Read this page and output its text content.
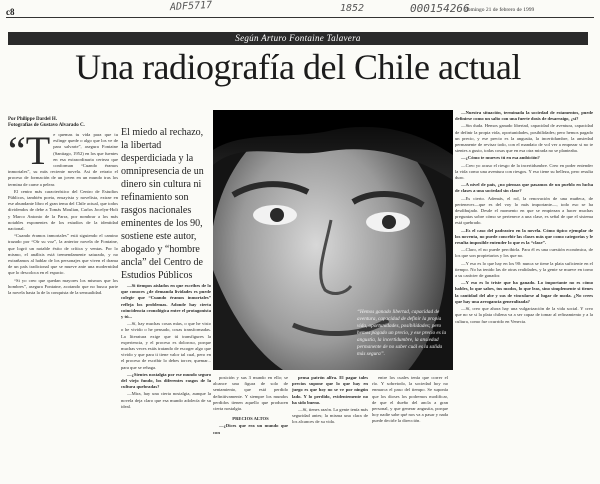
c8	ADF5717	1852	000154266
domingo 21 de febrero de 1999
Según Arturo Fontaine Talavera
Una radiografía del Chile actual
Por Philippe Dardel H.
Fotografías de Gustavo Alvarado C.

“Te quemas tu vida para que tu esfinge quede o algo que los ve de para salvarte”, asegura Fontaine (Santiago, 1952) en los que fuentes en esa extraordinaria certeza que conforman “Cuando éramos inmortales”, su más reciente novela. Asi de retrato el proceso de formación de un joven en un mundo tras los termina de carne a pelear.

El centro más característico del Centro de Estudios Públicos, también poeta, ensayista y novelista, extrae en ese abundante libro el gran tema del Chile actual, que todos dividendos de debe a Tomás Moulian, Carlos Jocelyn-Holt y Marco Antonio de la Parra, por nombrar a los más notables exponentes de los estudios de la identidad nacional.

“Cuando éramos inmortales” está siguiendo el camino trazado por “Oír su voz”, la anterior novela de Fontaine, que logró un notable éxito de crítica y ventas. Por lo mismo, el análisis está tremendamente saturado, y no extrañamos al hablar de los personajes que viven el drama de un país tradicional que se mueve ante una modernidad que lo descoloca en el espacio.

“Si yo creo que quedan mayores los mismos que los hombres”, asegura Fontaine, acotando que no busca parte la novela hasta la de la conquista de la sensualidad.

El miedo al rechazo, la libertad desperdiciada y la omnipresencia de un dinero sin cultura ni refinamiento son rasgos nacionales eminentes de los 90, sostiene este autor, abogado y “hombre ancla” del Centro de Estudios Públicos

—Si tiempos aislados en que escribes de lo que conoces ¿de demanda lividades es puede colegir que “Cuando éramos inmortales” refleja los problemas. Adonde hay cierta coincidencia cronológica entre el protagonista y tú...

—Sí, hay muchas cosas mías, o que he visto o he vivido o he pensado, cosas transformadas. La literatura exige que tú transfigures la experiencia, y el proceso es doloroso, porque muchas veces estás tratando de escoger algo que vivido y que para ti tiene valor tal cual, pero en el proceso de escribir lo debes torcer, quemar... para que se rehaga.

—¿Sientes nostalgia por ese mundo seguro del viejo fundo, los diferentes rasgos de la cultura quebradas?

—Mira, hay una cierta nostalgia, aunque la novela deja claro que esa mundo adolecía de su ideal.

“Hemos ganado libertad, capacidad de aventura, capacidad de definir la propia vida, oportunidades, posibilidades; pero hemos pagado un precio, y ese precio es la angustia, la incertidumbre, la ansiedad permanente de no saber cuál es la salida más segura”.

posición y sus 3 mundo en ello; se alcance una figura de solo de sentamiento, que está perdido definitivamente. Y siempre los mundos perdidos tienen aquello que producen cierta nostalgia.

PRECIOS ALTOS

—¿Dices que era un mundo que con

pensa patrón alfra. El pagar tales precios supone que lo que hay en juego es que hoy no se ve por ningún lado. Y lo perdido, evidentemente no ha sido bueno.

—Sí, tienes razón. La gente tenía más seguridad antes; la misma una clara de los alcances de su vida.

entre los cuales tenía que correr el río. Y sobretodo, la sociedad hoy no enmarca el paso del tiempo. Se suponía que los dioses los podremos modificar, de que el dueño del ancla a gran personal, y que generar angustia, porque hoy nadie sabe qué nos va a pasar y nada puede decirle la dirección.

—Nuestra situación, terminada la sociedad de estamentos, puede definirse como un salto con una fuerte dosis de desarraigo, ¿sí?

—Sin duda. Hemos ganado libertad, capacidad de aventura, capacidad de definir la propia vida, oportunidades, posibilidades; pero hemos pagado un precio, y ese precio es la angustia, la incertidumbre, la ansiedad permanente de revisar todo, con el mandato de vol ver a empezar si no te sientes a gusto, todas cosas que en esa otra mirada no se planteaba.

—¿Cómo te mueves tú en esa ambición?

—Creo yo acuso el riesgo de la incertidumbre. Creo en poder entender la vida como una aventura con riesgos. Y eso tiene su belleza, pero resulta duro.

—A nivel de país, ¿no piensas que pasamos de un pueblo en lucha de clases a una sociedad sin clase?

—Es cierto. Además, el rol, la renovación de una muñeca, de pertenecer—que es del voy lo más importante—, todo eso se ha desdibujado. Desde el momento en que se empiezan a hacer muchas preguntas sobre cómo se pertenece a una clase, es señal de que el sistema está quebrado.

—Es el caso del padrastro en la novela. Cómo tipico ejemplar de los noventa, no puede concebir las clases más que como categorías y le resulta imposible entender lo que es la “clase”.

—Claro, el no puede percibirla. Para él es una cuestión económica, de los que son propietarios y los que no.

—Y eso es lo que hay en los 90: nunca se tiene la plata suficiente en el tiempo. No ha tenido las de otras realidades, y la gente se mueve en torno a su carácter de ganador.

—Y eso es lo triste que ha ganado. Lo importante no es cómo hables, lo que sabes, tus modos, lo que leas, sino simplemente si tienes la cantidad del abe y sus de vincularse al lugar de moda. ¿No crees que hay una arrogancia generalizada?

—Sí, creo que ahora hay una vulgarización de la vida social. Y creo que no se si la plata chilena va a ser capaz de tomar al refinamiento y a la cultura, como fue ocurrido en Venecia.
